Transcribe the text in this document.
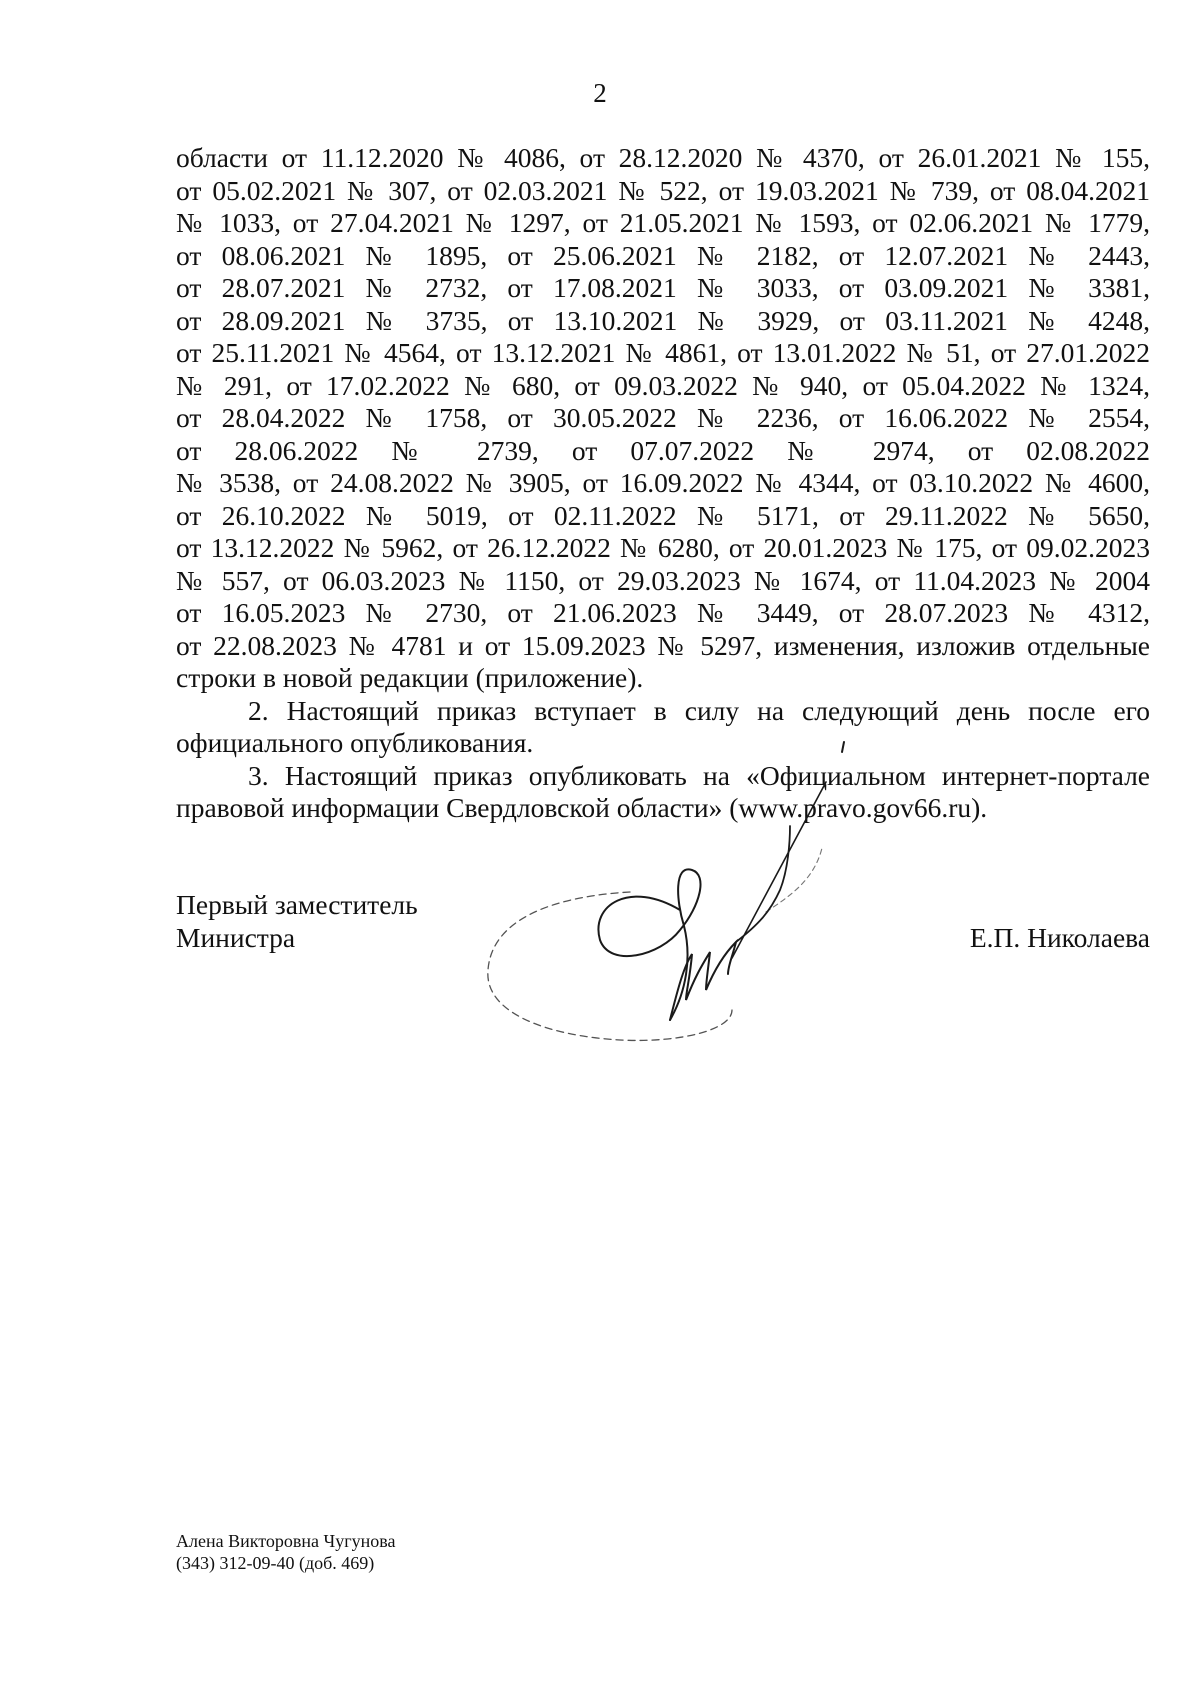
2
области от 11.12.2020 № 4086, от 28.12.2020 № 4370, от 26.01.2021 № 155,
от 05.02.2021 № 307, от 02.03.2021 № 522, от 19.03.2021 № 739, от 08.04.2021
№ 1033, от 27.04.2021 № 1297, от 21.05.2021 № 1593, от 02.06.2021 № 1779,
от 08.06.2021 № 1895, от 25.06.2021 № 2182, от 12.07.2021 № 2443,
от 28.07.2021 № 2732, от 17.08.2021 № 3033, от 03.09.2021 № 3381,
от 28.09.2021 № 3735, от 13.10.2021 № 3929, от 03.11.2021 № 4248,
от 25.11.2021 № 4564, от 13.12.2021 № 4861, от 13.01.2022 № 51, от 27.01.2022
№ 291, от 17.02.2022 № 680, от 09.03.2022 № 940, от 05.04.2022 № 1324,
от 28.04.2022 № 1758, от 30.05.2022 № 2236, от 16.06.2022 № 2554,
от 28.06.2022 № 2739, от 07.07.2022 № 2974, от 02.08.2022
№ 3538, от 24.08.2022 № 3905, от 16.09.2022 № 4344, от 03.10.2022 № 4600,
от 26.10.2022 № 5019, от 02.11.2022 № 5171, от 29.11.2022 № 5650,
от 13.12.2022 № 5962, от 26.12.2022 № 6280, от 20.01.2023 № 175, от 09.02.2023
№ 557, от 06.03.2023 № 1150, от 29.03.2023 № 1674, от 11.04.2023 № 2004
от 16.05.2023 № 2730, от 21.06.2023 № 3449, от 28.07.2023 № 4312,
от 22.08.2023 № 4781 и от 15.09.2023 № 5297, изменения, изложив отдельные
строки в новой редакции (приложение).
2. Настоящий приказ вступает в силу на следующий день после его
официального опубликования.
3. Настоящий приказ опубликовать на «Официальном интернет-портале
правовой информации Свердловской области» (www.pravo.gov66.ru).
Первый заместитель
Министра	Е.П. Николаева
Алена Викторовна Чугунова
(343) 312-09-40 (доб. 469)
